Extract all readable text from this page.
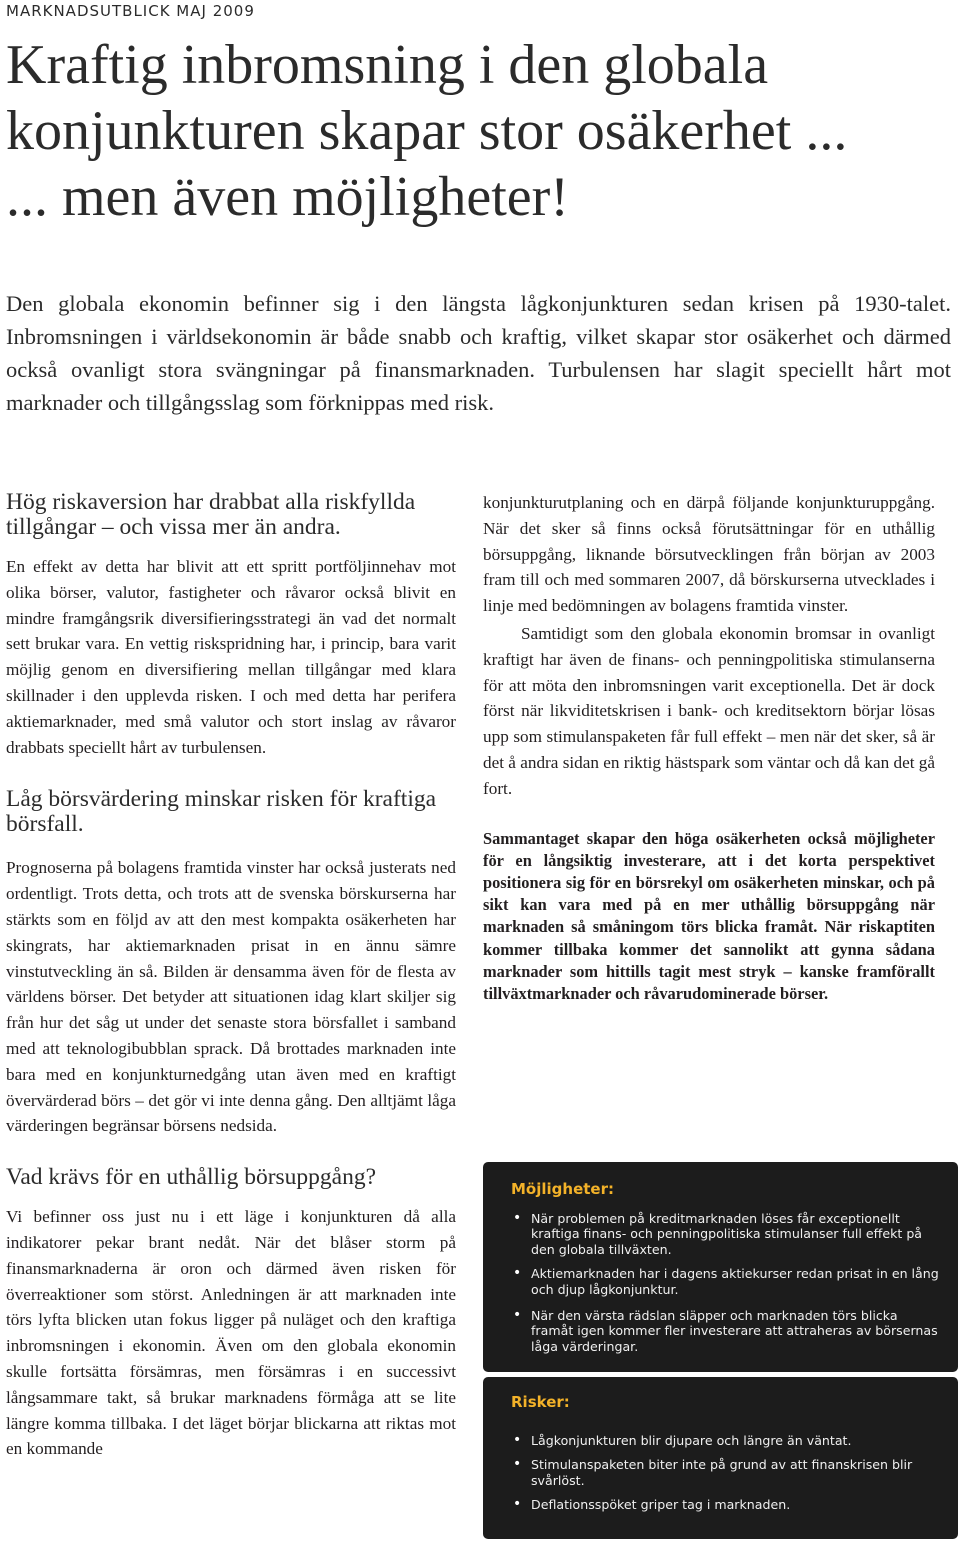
MARKNADSUTBLICK MAJ 2009
Kraftig inbromsning i den globala
konjunkturen skapar stor osäkerhet ...
... men även möjligheter!

Den globala ekonomin befinner sig i den längsta lågkonjunkturen sedan krisen på 1930-talet. Inbromsningen i världsekonomin är både snabb och kraftig, vilket skapar stor osäkerhet och därmed också ovanligt stora svängningar på finansmarknaden. Turbulensen har slagit speciellt hårt mot marknader och tillgångsslag som förknippas med risk.

Hög riskaversion har drabbat alla riskfyllda tillgångar – och vissa mer än andra.

En effekt av detta har blivit att ett spritt portföljinnehav mot olika börser, valutor, fastigheter och råvaror också blivit en mindre framgångsrik diversifieringsstrategi än vad det normalt sett brukar vara. En vettig riskspridning har, i princip, bara varit möjlig genom en diversifiering mellan tillgångar med klara skillnader i den upplevda risken. I och med detta har perifera aktiemarknader, med små valutor och stort inslag av råvaror drabbats speciellt hårt av turbulensen.

Låg börsvärdering minskar risken för kraftiga börsfall.

Prognoserna på bolagens framtida vinster har också justerats ned ordentligt. Trots detta, och trots att de svenska börskurserna har stärkts som en följd av att den mest kompakta osäkerheten har skingrats, har aktiemarknaden prisat in en ännu sämre vinstutveckling än så. Bilden är densamma även för de flesta av världens börser. Det betyder att situationen idag klart skiljer sig från hur det såg ut under det senaste stora börsfallet i samband med att teknologibubblan sprack. Då brottades marknaden inte bara med en konjunkturnedgång utan även med en kraftigt övervärderad börs – det gör vi inte denna gång. Den alltjämt låga värderingen begränsar börsens nedsida.

Vad krävs för en uthållig börsuppgång?

Vi befinner oss just nu i ett läge i konjunkturen då alla indikatorer pekar brant nedåt. När det blåser storm på finansmarknaderna är oron och därmed även risken för överreaktioner som störst. Anledningen är att marknaden inte törs lyfta blicken utan fokus ligger på nuläget och den kraftiga inbromsningen i ekonomin. Även om den globala ekonomin skulle fortsätta försämras, men försämras i en successivt långsammare takt, så brukar marknadens förmåga att se lite längre komma tillbaka. I det läget börjar blickarna att riktas mot en kommande

konjunkturutplaning och en därpå följande konjunkturuppgång. När det sker så finns också förutsättningar för en uthållig börsuppgång, liknande börsutvecklingen från början av 2003 fram till och med sommaren 2007, då börskurserna utvecklades i linje med bedömningen av bolagens framtida vinster.

Samtidigt som den globala ekonomin bromsar in ovanligt kraftigt har även de finans- och penningpolitiska stimulanserna för att möta den inbromsningen varit exceptionella. Det är dock först när likviditetskrisen i bank- och kreditsektorn börjar lösas upp som stimulanspaketen får full effekt – men när det sker, så är det å andra sidan en riktig hästspark som väntar och då kan det gå fort.

Sammantaget skapar den höga osäkerheten också möjligheter för en långsiktig investerare, att i det korta perspektivet positionera sig för en börsrekyl om osäkerheten minskar, och på sikt kan vara med på en mer uthållig börsuppgång när marknaden så småningom törs blicka framåt. När riskaptiten kommer tillbaka kommer det sannolikt att gynna sådana marknader som hittills tagit mest stryk – kanske framförallt tillväxtmarknader och råvarudominerade börser.

Möjligheter:
• När problemen på kreditmarknaden löses får exceptionellt kraftiga finans- och penningpolitiska stimulanser full effekt på den globala tillväxten.
• Aktiemarknaden har i dagens aktiekurser redan prisat in en lång och djup lågkonjunktur.
• När den värsta rädslan släpper och marknaden törs blicka framåt igen kommer fler investerare att attraheras av börsernas låga värderingar.
Risker:
• Lågkonjunkturen blir djupare och längre än väntat.
• Stimulanspaketen biter inte på grund av att finanskrisen blir svårlöst.
• Deflationsspöket griper tag i marknaden.
